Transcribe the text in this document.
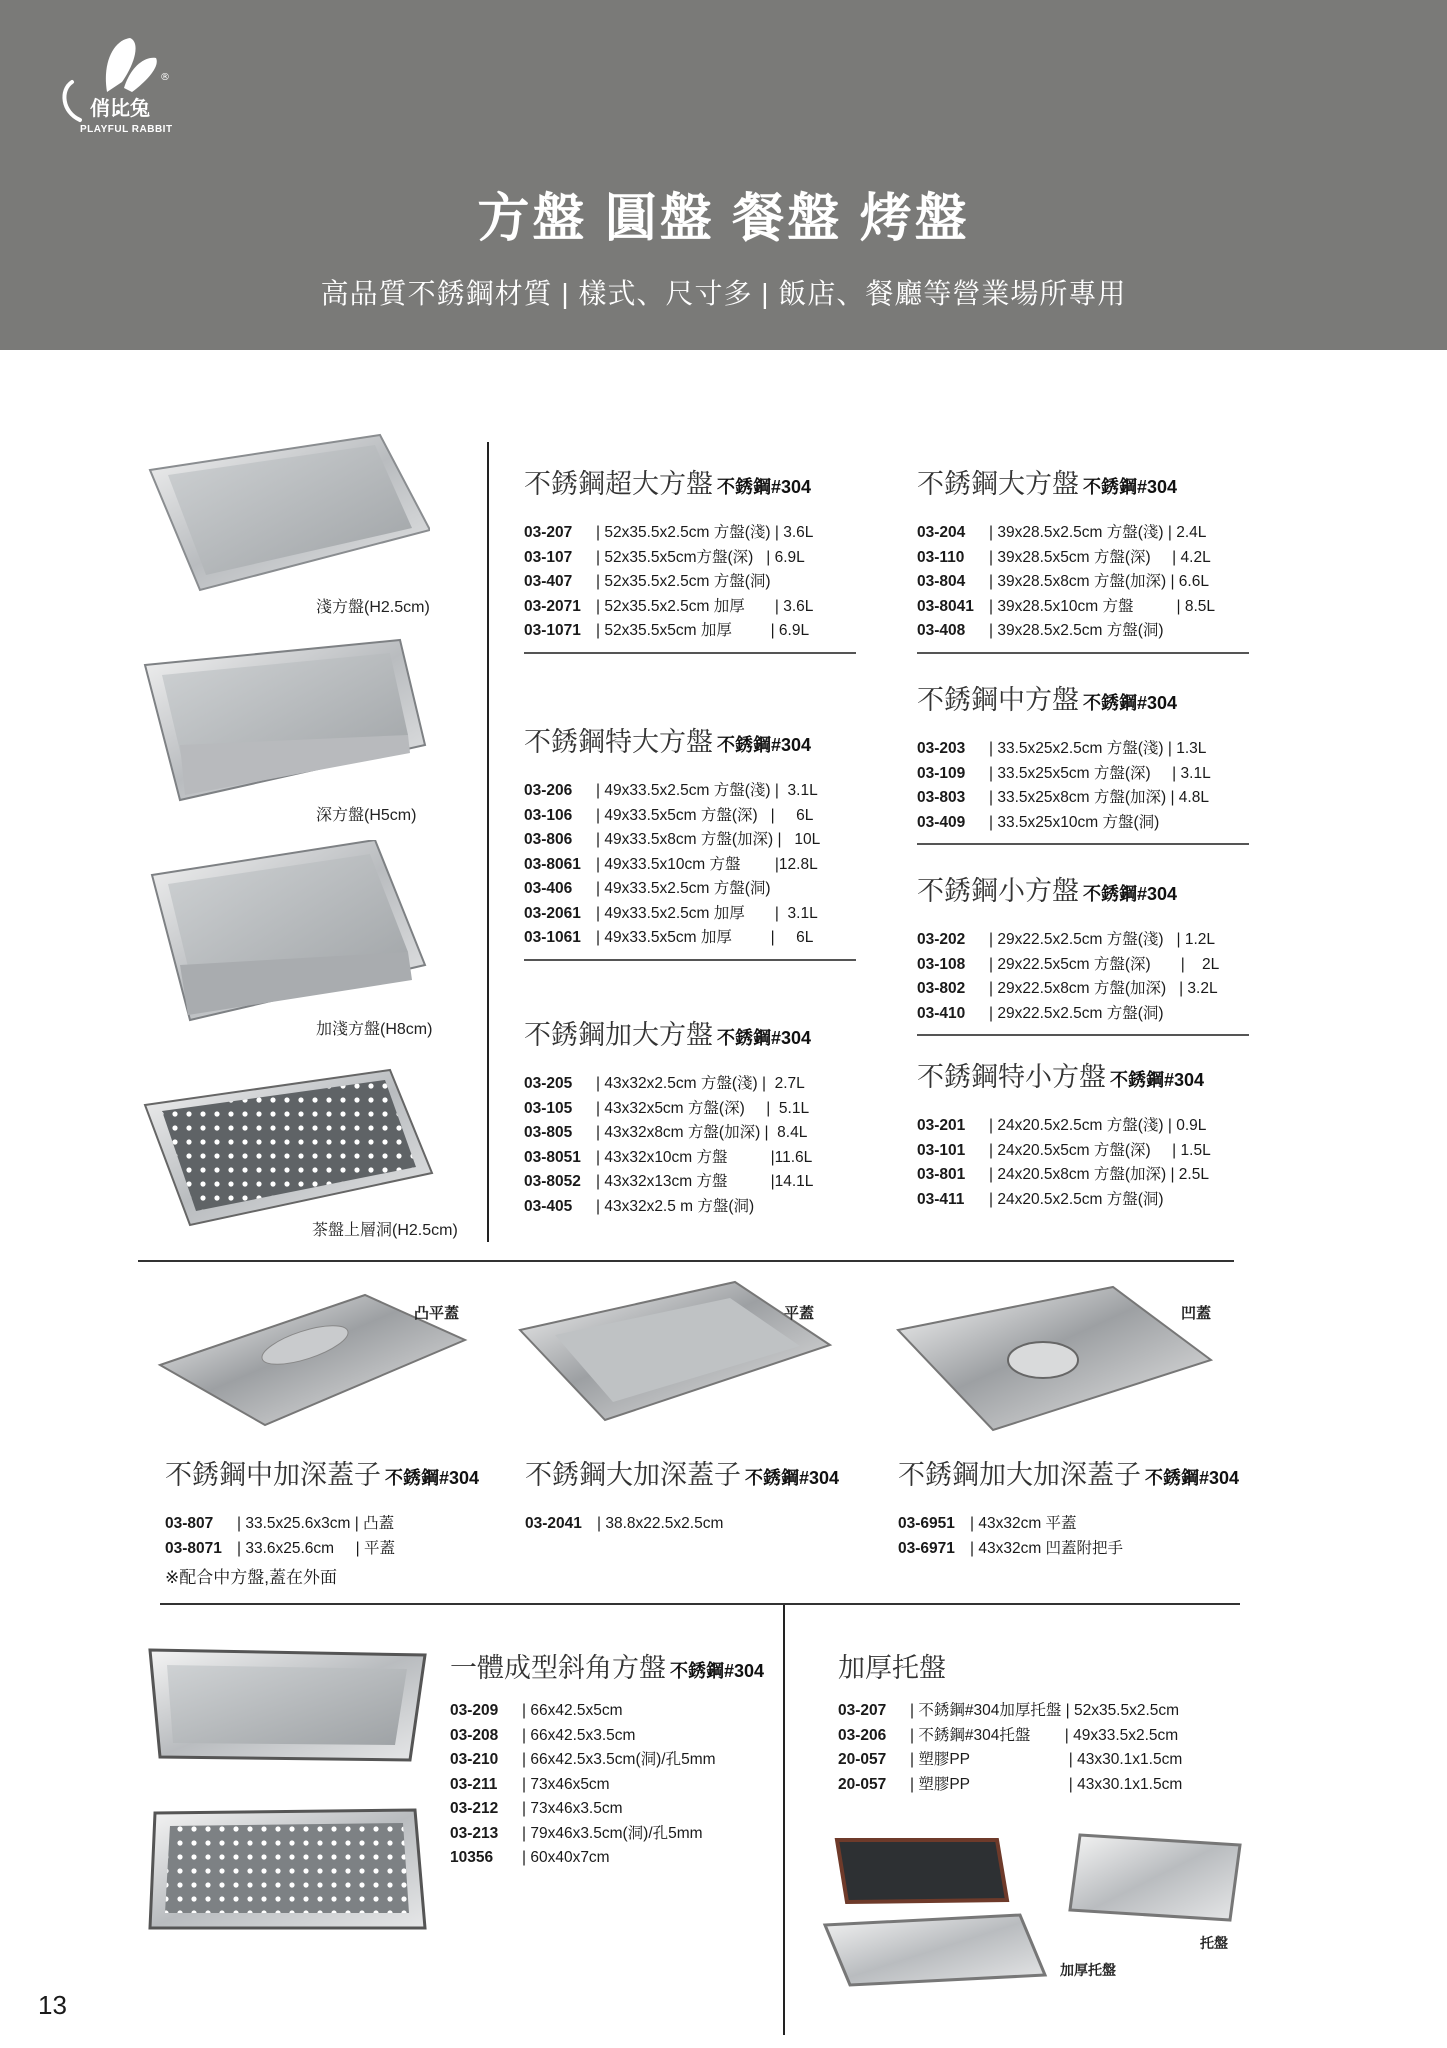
®
俏比兔
PLAYFUL RABBIT
方盤 圓盤 餐盤 烤盤
高品質不銹鋼材質 | 樣式、尺寸多 | 飯店、餐廳等營業場所專用
淺方盤(H2.5cm)
深方盤(H5cm)
加淺方盤(H8cm)
茶盤上層洞(H2.5cm)
不銹鋼超大方盤 不銹鋼#304
03-207	| 52x35.5x2.5cm 方盤(淺) | 3.6L
03-107	| 52x35.5x5cm方盤(深)   | 6.9L
03-407	| 52x35.5x2.5cm 方盤(洞)
03-2071 | 52x35.5x2.5cm 加厚       | 3.6L
03-1071 | 52x35.5x5cm 加厚         | 6.9L
不銹鋼特大方盤 不銹鋼#304
03-206	| 49x33.5x2.5cm 方盤(淺) |  3.1L
03-106	| 49x33.5x5cm 方盤(深)   |     6L
03-806	| 49x33.5x8cm 方盤(加深) |   10L
03-8061 | 49x33.5x10cm 方盤        |12.8L
03-406	| 49x33.5x2.5cm 方盤(洞)
03-2061 | 49x33.5x2.5cm 加厚       |  3.1L
03-1061 | 49x33.5x5cm 加厚         |     6L
不銹鋼加大方盤 不銹鋼#304
03-205	| 43x32x2.5cm 方盤(淺) |  2.7L
03-105	| 43x32x5cm 方盤(深)     |  5.1L
03-805	| 43x32x8cm 方盤(加深) |  8.4L
03-8051 | 43x32x10cm 方盤          |11.6L
03-8052 | 43x32x13cm 方盤          |14.1L
03-405	| 43x32x2.5 m 方盤(洞)
不銹鋼大方盤 不銹鋼#304
03-204	| 39x28.5x2.5cm 方盤(淺) | 2.4L
03-110	| 39x28.5x5cm 方盤(深)     | 4.2L
03-804	| 39x28.5x8cm 方盤(加深) | 6.6L
03-8041 | 39x28.5x10cm 方盤          | 8.5L
03-408	| 39x28.5x2.5cm 方盤(洞)
不銹鋼中方盤 不銹鋼#304
03-203	| 33.5x25x2.5cm 方盤(淺) | 1.3L
03-109	| 33.5x25x5cm 方盤(深)     | 3.1L
03-803	| 33.5x25x8cm 方盤(加深) | 4.8L
03-409	| 33.5x25x10cm 方盤(洞)
不銹鋼小方盤 不銹鋼#304
03-202	| 29x22.5x2.5cm 方盤(淺)   | 1.2L
03-108	| 29x22.5x5cm 方盤(深)       |    2L
03-802	| 29x22.5x8cm 方盤(加深)   | 3.2L
03-410	| 29x22.5x2.5cm 方盤(洞)
不銹鋼特小方盤 不銹鋼#304
03-201	| 24x20.5x2.5cm 方盤(淺) | 0.9L
03-101	| 24x20.5x5cm 方盤(深)     | 1.5L
03-801	| 24x20.5x8cm 方盤(加深) | 2.5L
03-411	| 24x20.5x2.5cm 方盤(洞)
凸平蓋	平蓋	凹蓋
不銹鋼中加深蓋子 不銹鋼#304
03-807	| 33.5x25.6x3cm | 凸蓋
03-8071 | 33.6x25.6cm     | 平蓋
※配合中方盤,蓋在外面
不銹鋼大加深蓋子 不銹鋼#304
03-2041 | 38.8x22.5x2.5cm
不銹鋼加大加深蓋子 不銹鋼#304
03-6951 | 43x32cm 平蓋
03-6971 | 43x32cm 凹蓋附把手
一體成型斜角方盤 不銹鋼#304
03-209	| 66x42.5x5cm
03-208	| 66x42.5x3.5cm
03-210	| 66x42.5x3.5cm(洞)/孔5mm
03-211	| 73x46x5cm
03-212	| 73x46x3.5cm
03-213	| 79x46x3.5cm(洞)/孔5mm
10356	| 60x40x7cm
加厚托盤
03-207	| 不銹鋼#304加厚托盤 | 52x35.5x2.5cm
03-206	| 不銹鋼#304托盤        | 49x33.5x2.5cm
20-057	| 塑膠PP                       | 43x30.1x1.5cm
20-057	| 塑膠PP                       | 43x30.1x1.5cm
托盤
加厚托盤
13
